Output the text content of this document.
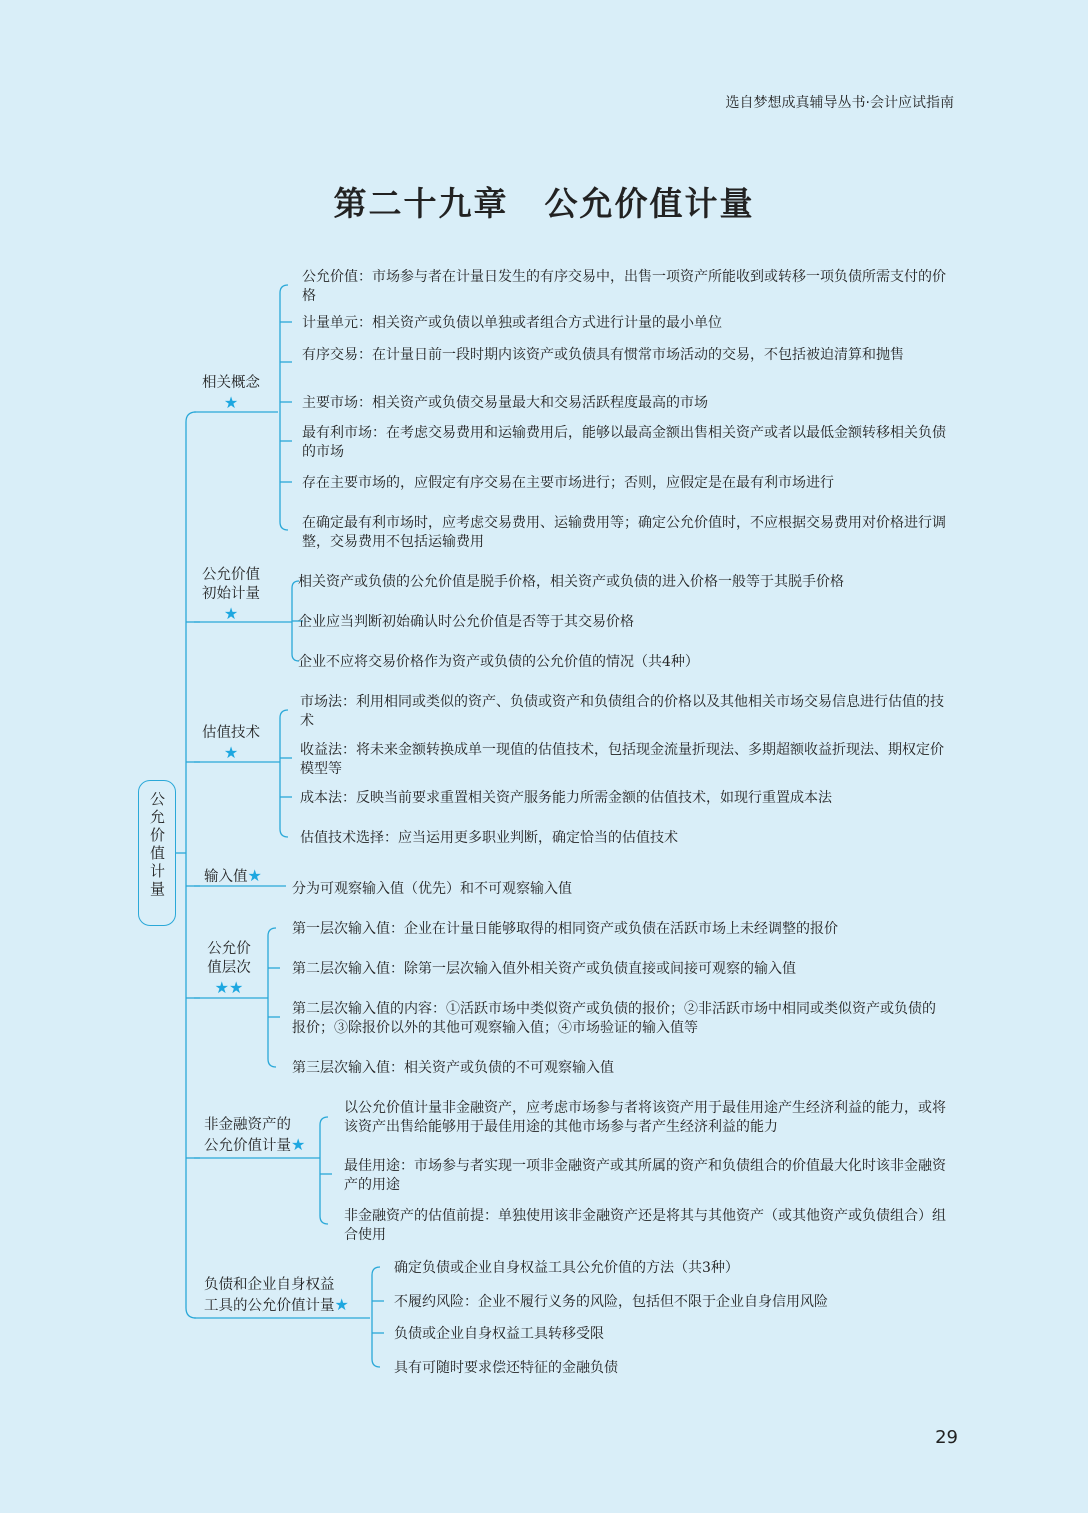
选自梦想成真辅导丛书·会计应试指南
第二十九章 公允价值计量
公允价值计量
相关概念
★
公允价值：市场参与者在计量日发生的有序交易中，出售一项资产所能收到或转移一项负债所需支付的价格
计量单元：相关资产或负债以单独或者组合方式进行计量的最小单位
有序交易：在计量日前一段时期内该资产或负债具有惯常市场活动的交易，不包括被迫清算和抛售
主要市场：相关资产或负债交易量最大和交易活跃程度最高的市场
最有利市场：在考虑交易费用和运输费用后，能够以最高金额出售相关资产或者以最低金额转移相关负债的市场
存在主要市场的，应假定有序交易在主要市场进行；否则，应假定是在最有利市场进行
在确定最有利市场时，应考虑交易费用、运输费用等；确定公允价值时，不应根据交易费用对价格进行调整，交易费用不包括运输费用
公允价值
初始计量
★
相关资产或负债的公允价值是脱手价格，相关资产或负债的进入价格一般等于其脱手价格
企业应当判断初始确认时公允价值是否等于其交易价格
企业不应将交易价格作为资产或负债的公允价值的情况（共4种）
估值技术
★
市场法：利用相同或类似的资产、负债或资产和负债组合的价格以及其他相关市场交易信息进行估值的技术
收益法：将未来金额转换成单一现值的估值技术，包括现金流量折现法、多期超额收益折现法、期权定价模型等
成本法：反映当前要求重置相关资产服务能力所需金额的估值技术，如现行重置成本法
估值技术选择：应当运用更多职业判断，确定恰当的估值技术
输入值★
分为可观察输入值（优先）和不可观察输入值
公允价
值层次
★★
第一层次输入值：企业在计量日能够取得的相同资产或负债在活跃市场上未经调整的报价
第二层次输入值：除第一层次输入值外相关资产或负债直接或间接可观察的输入值
第二层次输入值的内容：①活跃市场中类似资产或负债的报价；②非活跃市场中相同或类似资产或负债的报价；③除报价以外的其他可观察输入值；④市场验证的输入值等
第三层次输入值：相关资产或负债的不可观察输入值
非金融资产的
公允价值计量★
以公允价值计量非金融资产，应考虑市场参与者将该资产用于最佳用途产生经济利益的能力，或将该资产出售给能够用于最佳用途的其他市场参与者产生经济利益的能力
最佳用途：市场参与者实现一项非金融资产或其所属的资产和负债组合的价值最大化时该非金融资产的用途
非金融资产的估值前提：单独使用该非金融资产还是将其与其他资产（或其他资产或负债组合）组合使用
负债和企业自身权益
工具的公允价值计量★
确定负债或企业自身权益工具公允价值的方法（共3种）
不履约风险：企业不履行义务的风险，包括但不限于企业自身信用风险
负债或企业自身权益工具转移受限
具有可随时要求偿还特征的金融负债
29
